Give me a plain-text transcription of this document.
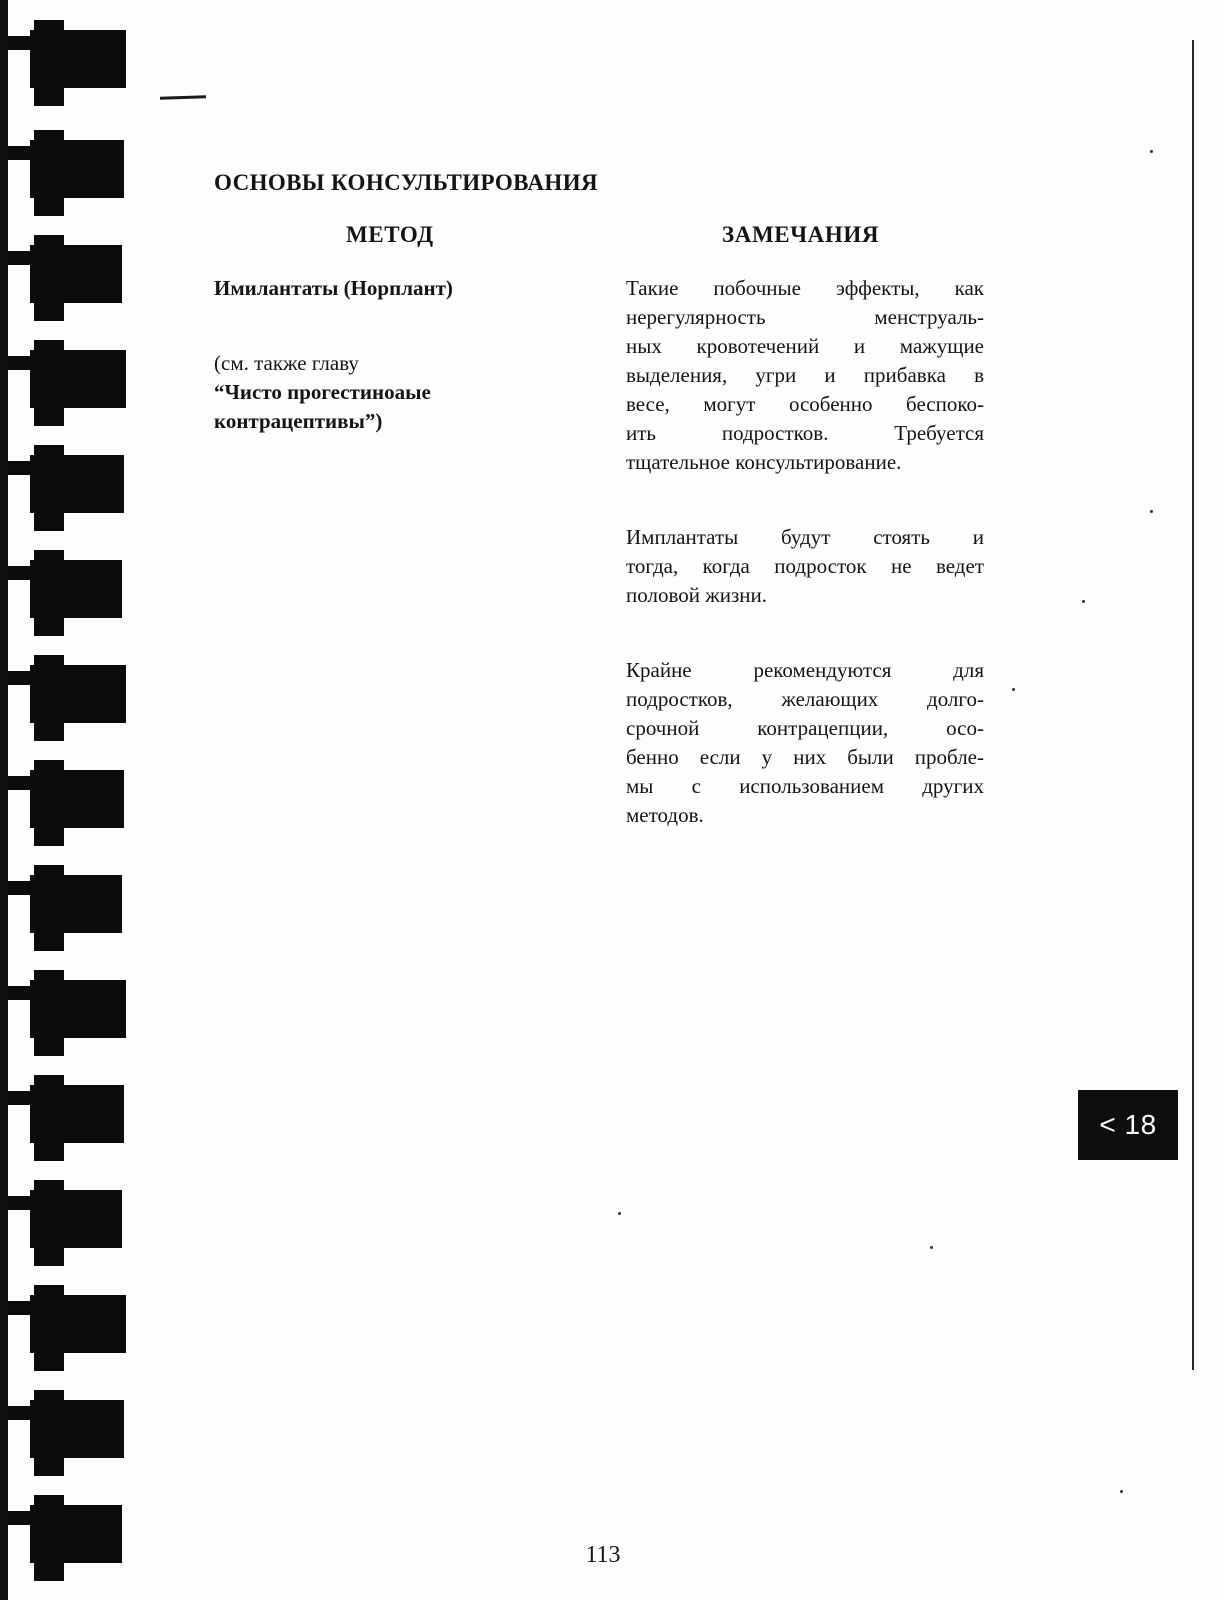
ОСНОВЫ КОНСУЛЬТИРОВАНИЯ
МЕТОД	ЗАМЕЧАНИЯ
Имилантаты (Норплант)
(см. также главу
“Чисто прогестиноаые
контрацептивы”)

Такие побочные эффекты, как
нерегулярность менструаль-
ных кровотечений и мажущие
выделения, угри и прибавка в
весе, могут особенно беспоко-
ить подростков. Требуется
тщательное консультирование.

Имплантаты будут стоять и
тогда, когда подросток не ведет
половой жизни.

Крайне рекомендуются для
подростков, желающих долго-
срочной контрацепции, осо-
бенно если у них были пробле-
мы с использованием других
методов.

< 18
113
